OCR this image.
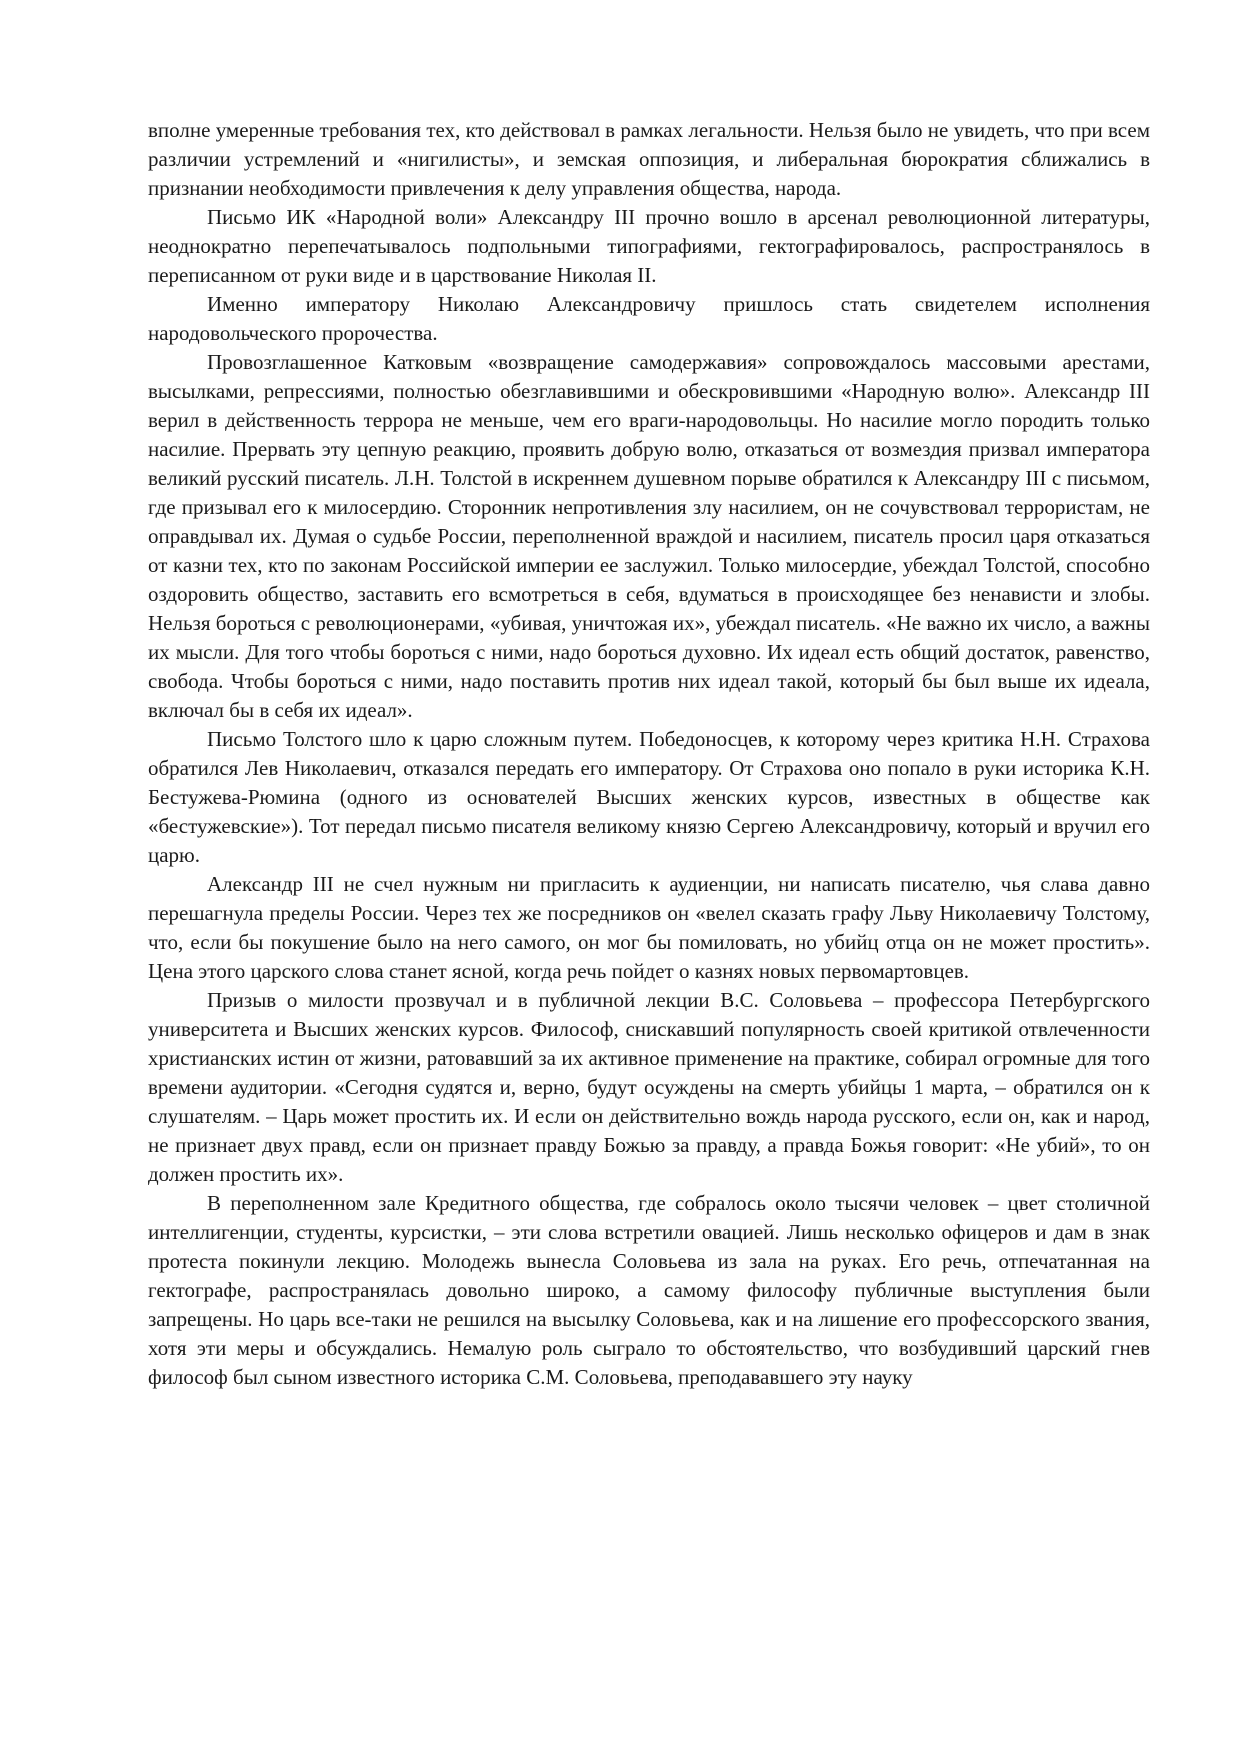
вполне умеренные требования тех, кто действовал в рамках легальности. Нельзя было не увидеть, что при всем различии устремлений и «нигилисты», и земская оппозиция, и либеральная бюрократия сближались в признании необходимости привлечения к делу управления общества, народа.

Письмо ИК «Народной воли» Александру III прочно вошло в арсенал революционной литературы, неоднократно перепечатывалось подпольными типографиями, гектографировалось, распространялось в переписанном от руки виде и в царствование Николая II.

Именно императору Николаю Александровичу пришлось стать свидетелем исполнения народовольческого пророчества.

Провозглашенное Катковым «возвращение самодержавия» сопровождалось массовыми арестами, высылками, репрессиями, полностью обезглавившими и обескровившими «Народную волю». Александр III верил в действенность террора не меньше, чем его враги-народовольцы. Но насилие могло породить только насилие. Прервать эту цепную реакцию, проявить добрую волю, отказаться от возмездия призвал императора великий русский писатель. Л.Н. Толстой в искреннем душевном порыве обратился к Александру III с письмом, где призывал его к милосердию. Сторонник непротивления злу насилием, он не сочувствовал террористам, не оправдывал их. Думая о судьбе России, переполненной враждой и насилием, писатель просил царя отказаться от казни тех, кто по законам Российской империи ее заслужил. Только милосердие, убеждал Толстой, способно оздоровить общество, заставить его всмотреться в себя, вдуматься в происходящее без ненависти и злобы. Нельзя бороться с революционерами, «убивая, уничтожая их», убеждал писатель. «Не важно их число, а важны их мысли. Для того чтобы бороться с ними, надо бороться духовно. Их идеал есть общий достаток, равенство, свобода. Чтобы бороться с ними, надо поставить против них идеал такой, который бы был выше их идеала, включал бы в себя их идеал».

Письмо Толстого шло к царю сложным путем. Победоносцев, к которому через критика Н.Н. Страхова обратился Лев Николаевич, отказался передать его императору. От Страхова оно попало в руки историка К.Н. Бестужева-Рюмина (одного из основателей Высших женских курсов, известных в обществе как «бестужевские»). Тот передал письмо писателя великому князю Сергею Александровичу, который и вручил его царю.

Александр III не счел нужным ни пригласить к аудиенции, ни написать писателю, чья слава давно перешагнула пределы России. Через тех же посредников он «велел сказать графу Льву Николаевичу Толстому, что, если бы покушение было на него самого, он мог бы помиловать, но убийц отца он не может простить». Цена этого царского слова станет ясной, когда речь пойдет о казнях новых первомартовцев.

Призыв о милости прозвучал и в публичной лекции В.С. Соловьева – профессора Петербургского университета и Высших женских курсов. Философ, снискавший популярность своей критикой отвлеченности христианских истин от жизни, ратовавший за их активное применение на практике, собирал огромные для того времени аудитории. «Сегодня судятся и, верно, будут осуждены на смерть убийцы 1 марта, – обратился он к слушателям. – Царь может простить их. И если он действительно вождь народа русского, если он, как и народ, не признает двух правд, если он признает правду Божью за правду, а правда Божья говорит: «Не убий», то он должен простить их».

В переполненном зале Кредитного общества, где собралось около тысячи человек – цвет столичной интеллигенции, студенты, курсистки, – эти слова встретили овацией. Лишь несколько офицеров и дам в знак протеста покинули лекцию. Молодежь вынесла Соловьева из зала на руках. Его речь, отпечатанная на гектографе, распространялась довольно широко, а самому философу публичные выступления были запрещены. Но царь все-таки не решился на высылку Соловьева, как и на лишение его профессорского звания, хотя эти меры и обсуждались. Немалую роль сыграло то обстоятельство, что возбудивший царский гнев философ был сыном известного историка С.М. Соловьева, преподававшего эту науку
